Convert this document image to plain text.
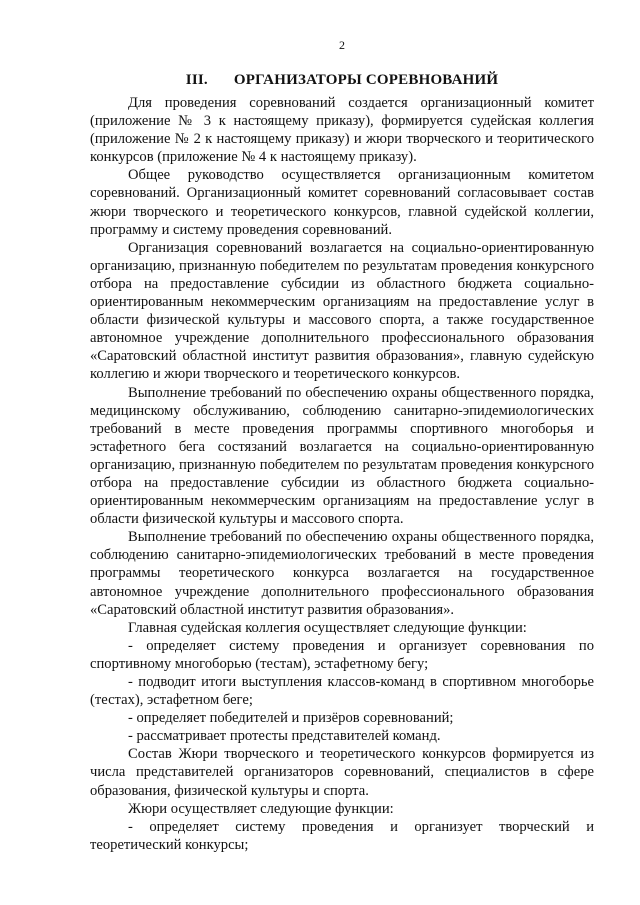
2
III. ОРГАНИЗАТОРЫ СОРЕВНОВАНИЙ

Для проведения соревнований создается организационный комитет (приложение № 3 к настоящему приказу), формируется судейская коллегия (приложение № 2 к настоящему приказу) и жюри творческого и теоритического конкурсов (приложение № 4 к настоящему приказу).

Общее руководство осуществляется организационным комитетом соревнований. Организационный комитет соревнований согласовывает состав жюри творческого и теоретического конкурсов, главной судейской коллегии, программу и систему проведения соревнований.

Организация соревнований возлагается на социально-ориентированную организацию, признанную победителем по результатам проведения конкурсного отбора на предоставление субсидии из областного бюджета социально-ориентированным некоммерческим организациям на предоставление услуг в области физической культуры и массового спорта, а также государственное автономное учреждение дополнительного профессионального образования «Саратовский областной институт развития образования», главную судейскую коллегию и жюри творческого и теоретического конкурсов.

Выполнение требований по обеспечению охраны общественного порядка, медицинскому обслуживанию, соблюдению санитарно-эпидемиологических требований в месте проведения программы спортивного многоборья и эстафетного бега состязаний возлагается на социально-ориентированную организацию, признанную победителем по результатам проведения конкурсного отбора на предоставление субсидии из областного бюджета социально-ориентированным некоммерческим организациям на предоставление услуг в области физической культуры и массового спорта.

Выполнение требований по обеспечению охраны общественного порядка, соблюдению санитарно-эпидемиологических требований в месте проведения программы теоретического конкурса возлагается на государственное автономное учреждение дополнительного профессионального образования «Саратовский областной институт развития образования».

Главная судейская коллегия осуществляет следующие функции:

- определяет систему проведения и организует соревнования по спортивному многоборью (тестам), эстафетному бегу;

- подводит итоги выступления классов-команд в спортивном многоборье (тестах), эстафетном беге;

- определяет победителей и призёров соревнований;

- рассматривает протесты представителей команд.

Состав Жюри творческого и теоретического конкурсов формируется из числа представителей организаторов соревнований, специалистов в сфере образования, физической культуры и спорта.

Жюри осуществляет следующие функции:

- определяет систему проведения и организует творческий и теоретический конкурсы;
